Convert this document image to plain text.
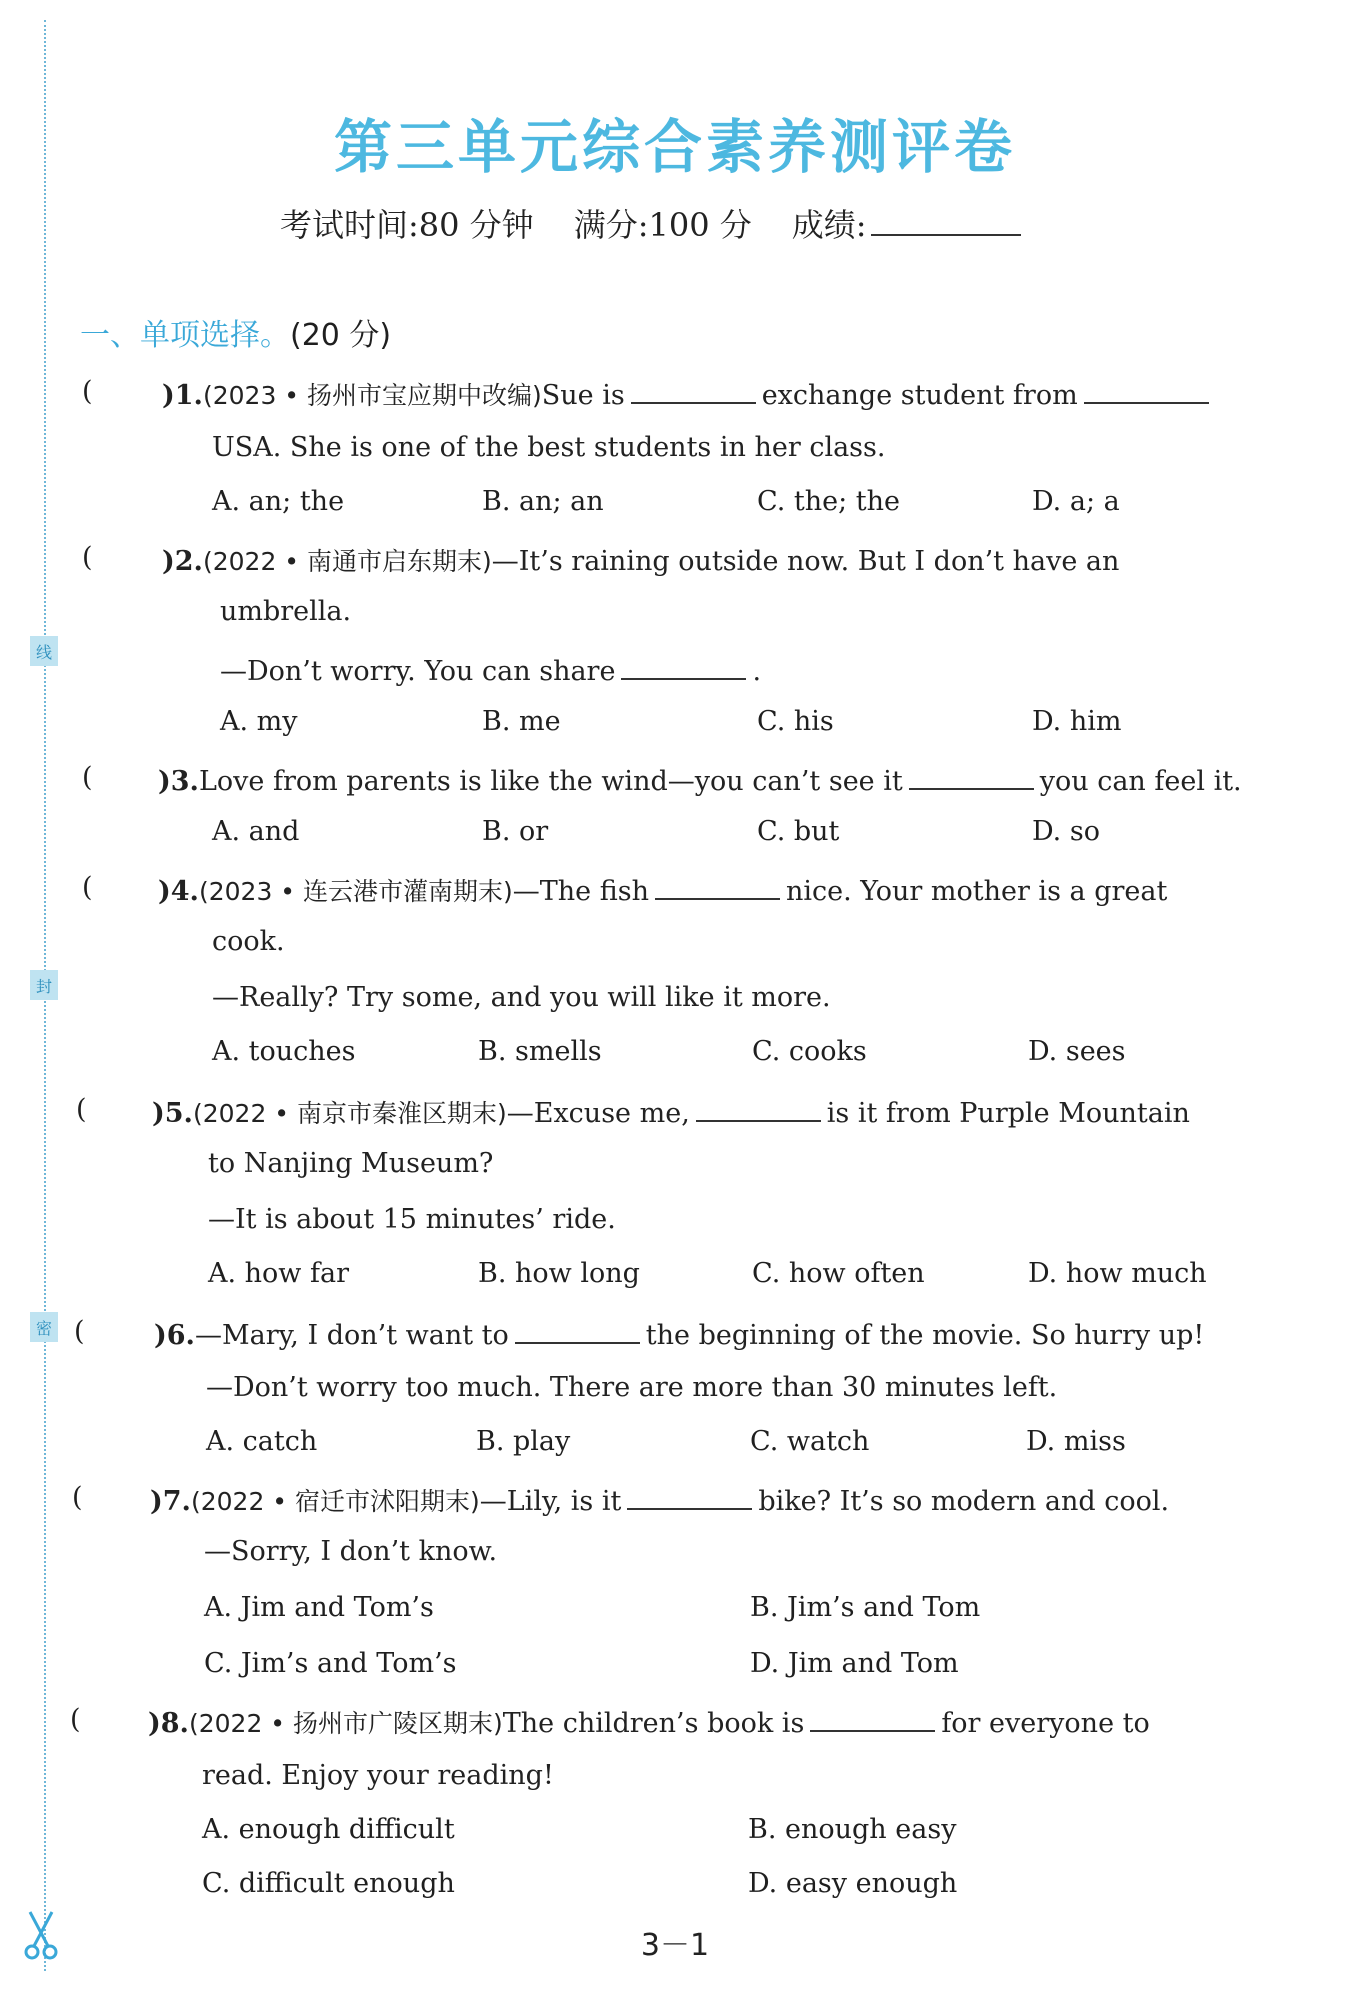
线
封
密
第三单元综合素养测评卷
考试时间:80 分钟 满分:100 分 成绩:
一、单项选择。(20 分)
(	)1.(2023 • 扬州市宝应期中改编)Sue is	exchange student from
USA. She is one of the best students in her class.
A. an; the	B. an; an	C. the; the	D. a; a
(	)2.(2022 • 南通市启东期末)—It’s raining outside now. But I don’t have an
umbrella.
—Don’t worry. You can share	.
A. my	B. me	C. his	D. him
( )3.Love from parents is like the wind—you can’t see it	you can feel it.
A. and	B. or	C. but	D. so
( )4.(2023 • 连云港市灌南期末)—The fish	nice. Your mother is a great
cook.
—Really? Try some, and you will like it more.
A. touches	B. smells	C. cooks	D. sees
( )5.(2022 • 南京市秦淮区期末)—Excuse me,	is it from Purple Mountain
to Nanjing Museum?
—It is about 15 minutes’ ride.
A. how far	B. how long	C. how often	D. how much
(	)6.—Mary, I don’t want to	the beginning of the movie. So hurry up!
—Don’t worry too much. There are more than 30 minutes left.
A. catch	B. play	C. watch	D. miss
( )7.(2022 • 宿迁市沭阳期末)—Lily, is it	bike? It’s so modern and cool.
—Sorry, I don’t know.
A. Jim and Tom’s	B. Jim’s and Tom
C. Jim’s and Tom’s	D. Jim and Tom
( )8.(2022 • 扬州市广陵区期末)The children’s book is	for everyone to
read. Enjoy your reading!
A. enough difficult	B. enough easy
C. difficult enough	D. easy enough
3－1
